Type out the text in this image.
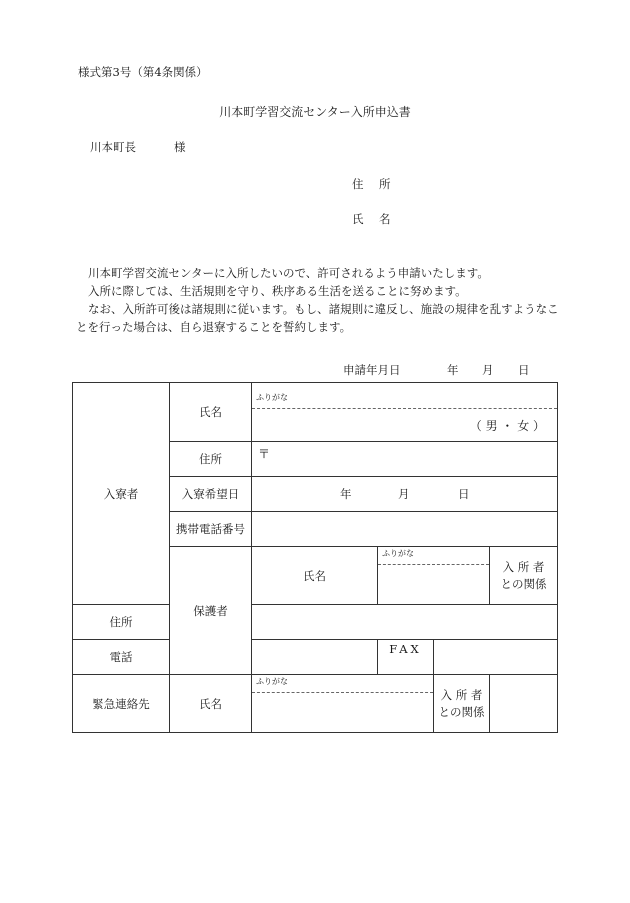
様式第3号（第4条関係）
川本町学習交流センター入所申込書
川本町長	様
住　所
氏　名

川本町学習交流センターに入所したいので、許可されるよう申請いたします。

入所に際しては、生活規則を守り、秩序ある生活を送ることに努めます。

なお、入所許可後は諸規則に従います。もし、諸規則に違反し、施設の規律を乱すようなことを行った場合は、自ら退寮することを誓約します。

申請年月日	年 月 日
入寮者	氏名	ふりがな
（ 男 ・ 女 ）				

	住所	〒				

	入寮希望日	年 月 日				

	携帯電話番号					
	保護者	氏名	ふりがな		入 所 者
との関係	

住所						
電話			FAX			
緊急連絡先	氏名	ふりがな		入 所 者
との関係		
